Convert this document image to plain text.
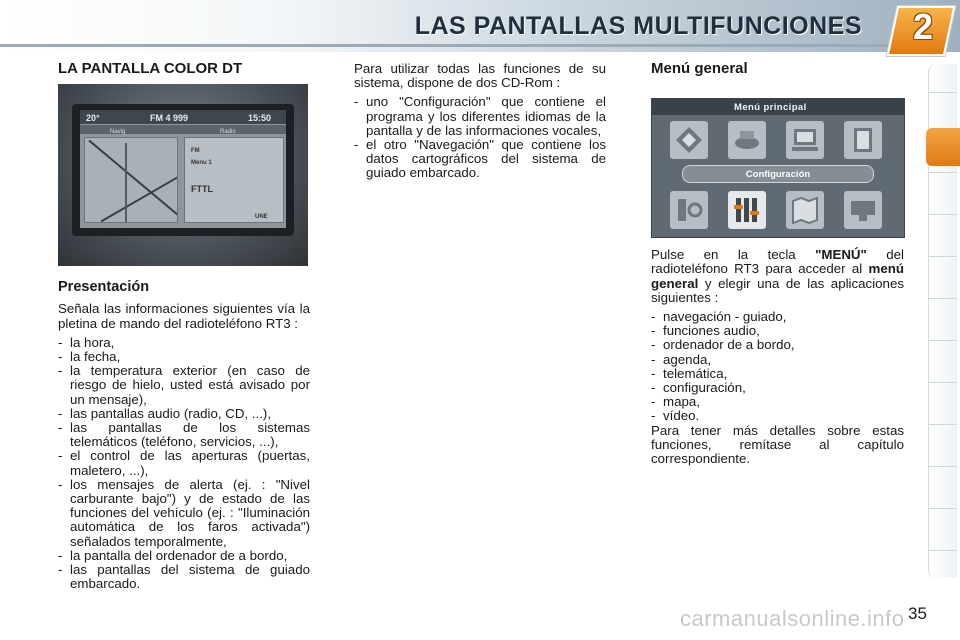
LAS PANTALLAS MULTIFUNCIONES 2
LA PANTALLA COLOR DT
20°	FM 4 999	15:50
Navig	Radio
FM
Menu 1
FTTL
UNE
Presentación

Señala las informaciones siguientes vía la pletina de mando del radioteléfono RT3 :

- la hora,
- la fecha,
- la temperatura exterior (en caso de riesgo de hielo, usted está avisado por un mensaje),
- las pantallas audio (radio, CD, ...),
- las pantallas de los sistemas telemáticos (teléfono, servicios, ...),
- el control de las aperturas (puertas, maletero, ...),
- los mensajes de alerta (ej. : "Nivel carburante bajo") y de estado de las funciones del vehículo (ej. : "Iluminación automática de los faros activada") señalados temporalmente,
- la pantalla del ordenador de a bordo,
- las pantallas del sistema de guiado embarcado.

Para utilizar todas las funciones de su sistema, dispone de dos CD-Rom :

- uno "Configuración" que contiene el programa y los diferentes idiomas de la pantalla y de las informaciones vocales,
- el otro "Navegación" que contiene los datos cartográficos del sistema de guiado embarcado.
Menú general
Menú principal
Configuración

Pulse en la tecla "MENÚ" del radioteléfono RT3 para acceder al menú general y elegir una de las aplicaciones siguientes :

- navegación - guiado,
- funciones audio,
- ordenador de a bordo,
- agenda,
- telemática,
- configuración,
- mapa,
- vídeo.

Para tener más detalles sobre estas funciones, remítase al capítulo correspondiente.

carmanualsonline.info 35
